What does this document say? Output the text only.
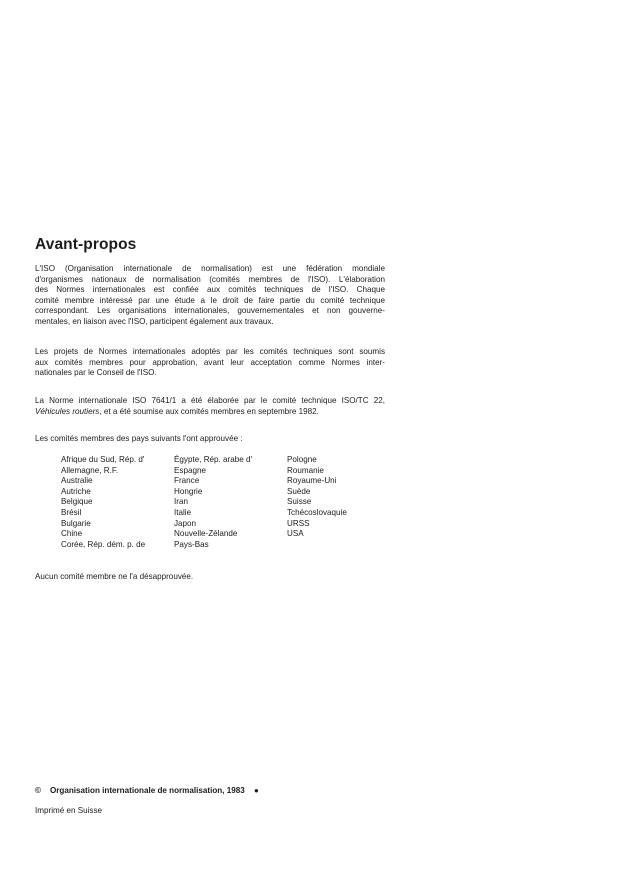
Avant-propos

L'ISO (Organisation internationale de normalisation) est une fédération mondiale
d'organismes nationaux de normalisation (comités membres de l'ISO). L'élaboration
des Normes internationales est confiée aux comités techniques de l'ISO. Chaque
comité membre intéressé par une étude a le droit de faire partie du comité technique
correspondant. Les organisations internationales, gouvernementales et non gouverne-
mentales, en liaison avec l'ISO, participent également aux travaux.

Les projets de Normes internationales adoptés par les comités techniques sont soumis
aux comités membres pour approbation, avant leur acceptation comme Normes inter-
nationales par le Conseil de l'ISO.

La Norme internationale ISO 7641/1 a été élaborée par le comité technique ISO/TC 22,
Véhicules routiers, et a été soumise aux comités membres en septembre 1982.

Les comités membres des pays suivants l'ont approuvée :

Afrique du Sud, Rép. d'
Allemagne, R.F.
Australie
Autriche
Belgique
Brésil
Bulgarie
Chine
Corée, Rép. dém. p. de
Égypte, Rép. arabe d'
Espagne
France
Hongrie
Iran
Italie
Japon
Nouvelle-Zélande
Pays-Bas
Pologne
Roumanie
Royaume-Uni
Suède
Suisse
Tchécoslovaquie
URSS
USA

Aucun comité membre ne l'a désapprouvée.

© Organisation internationale de normalisation, 1983 ●
Imprimé en Suisse
